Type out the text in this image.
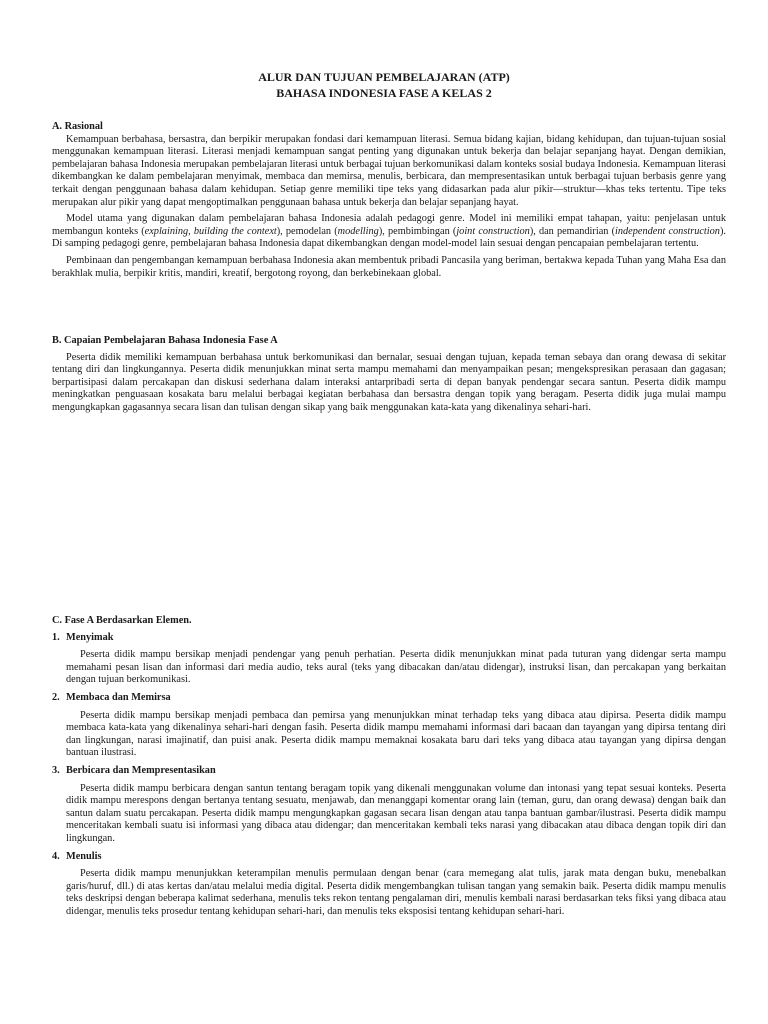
ALUR DAN TUJUAN PEMBELAJARAN (ATP)
BAHASA INDONESIA FASE A KELAS 2
A. Rasional

Kemampuan berbahasa, bersastra, dan berpikir merupakan fondasi dari kemampuan literasi. Semua bidang kajian, bidang kehidupan, dan tujuan-tujuan sosial menggunakan kemampuan literasi. Literasi menjadi kemampuan sangat penting yang digunakan untuk bekerja dan belajar sepanjang hayat. Dengan demikian, pembelajaran bahasa Indonesia merupakan pembelajaran literasi untuk berbagai tujuan berkomunikasi dalam konteks sosial budaya Indonesia. Kemampuan literasi dikembangkan ke dalam pembelajaran menyimak, membaca dan memirsa, menulis, berbicara, dan mempresentasikan untuk berbagai tujuan berbasis genre yang terkait dengan penggunaan bahasa dalam kehidupan. Setiap genre memiliki tipe teks yang didasarkan pada alur pikir—struktur—khas teks tertentu. Tipe teks merupakan alur pikir yang dapat mengoptimalkan penggunaan bahasa untuk bekerja dan belajar sepanjang hayat.

Model utama yang digunakan dalam pembelajaran bahasa Indonesia adalah pedagogi genre. Model ini memiliki empat tahapan, yaitu: penjelasan untuk membangun konteks (explaining, building the context), pemodelan (modelling), pembimbingan (joint construction), dan pemandirian (independent construction). Di samping pedagogi genre, pembelajaran bahasa Indonesia dapat dikembangkan dengan model-model lain sesuai dengan pencapaian pembelajaran tertentu.

Pembinaan dan pengembangan kemampuan berbahasa Indonesia akan membentuk pribadi Pancasila yang beriman, bertakwa kepada Tuhan yang Maha Esa dan berakhlak mulia, berpikir kritis, mandiri, kreatif, bergotong royong, dan berkebinekaan global.

B. Capaian Pembelajaran Bahasa Indonesia Fase A

Peserta didik memiliki kemampuan berbahasa untuk berkomunikasi dan bernalar, sesuai dengan tujuan, kepada teman sebaya dan orang dewasa di sekitar tentang diri dan lingkungannya. Peserta didik menunjukkan minat serta mampu memahami dan menyampaikan pesan; mengekspresikan perasaan dan gagasan; berpartisipasi dalam percakapan dan diskusi sederhana dalam interaksi antarpribadi serta di depan banyak pendengar secara santun. Peserta didik mampu meningkatkan penguasaan kosakata baru melalui berbagai kegiatan berbahasa dan bersastra dengan topik yang beragam. Peserta didik juga mulai mampu mengungkapkan gagasannya secara lisan dan tulisan dengan sikap yang baik menggunakan kata-kata yang dikenalinya sehari-hari.

C. Fase A Berdasarkan Elemen.
1. Menyimak

Peserta didik mampu bersikap menjadi pendengar yang penuh perhatian. Peserta didik menunjukkan minat pada tuturan yang didengar serta mampu memahami pesan lisan dan informasi dari media audio, teks aural (teks yang dibacakan dan/atau didengar), instruksi lisan, dan percakapan yang berkaitan dengan tujuan berkomunikasi.

2. Membaca dan Memirsa

Peserta didik mampu bersikap menjadi pembaca dan pemirsa yang menunjukkan minat terhadap teks yang dibaca atau dipirsa. Peserta didik mampu membaca kata-kata yang dikenalinya sehari-hari dengan fasih. Peserta didik mampu memahami informasi dari bacaan dan tayangan yang dipirsa tentang diri dan lingkungan, narasi imajinatif, dan puisi anak. Peserta didik mampu memaknai kosakata baru dari teks yang dibaca atau tayangan yang dipirsa dengan bantuan ilustrasi.

3. Berbicara dan Mempresentasikan

Peserta didik mampu berbicara dengan santun tentang beragam topik yang dikenali menggunakan volume dan intonasi yang tepat sesuai konteks. Peserta didik mampu merespons dengan bertanya tentang sesuatu, menjawab, dan menanggapi komentar orang lain (teman, guru, dan orang dewasa) dengan baik dan santun dalam suatu percakapan. Peserta didik mampu mengungkapkan gagasan secara lisan dengan atau tanpa bantuan gambar/ilustrasi. Peserta didik mampu menceritakan kembali suatu isi informasi yang dibaca atau didengar; dan menceritakan kembali teks narasi yang dibacakan atau dibaca dengan topik diri dan lingkungan.

4. Menulis

Peserta didik mampu menunjukkan keterampilan menulis permulaan dengan benar (cara memegang alat tulis, jarak mata dengan buku, menebalkan garis/huruf, dll.) di atas kertas dan/atau melalui media digital. Peserta didik mengembangkan tulisan tangan yang semakin baik. Peserta didik mampu menulis teks deskripsi dengan beberapa kalimat sederhana, menulis teks rekon tentang pengalaman diri, menulis kembali narasi berdasarkan teks fiksi yang dibaca atau didengar, menulis teks prosedur tentang kehidupan sehari-hari, dan menulis teks eksposisi tentang kehidupan sehari-hari.
